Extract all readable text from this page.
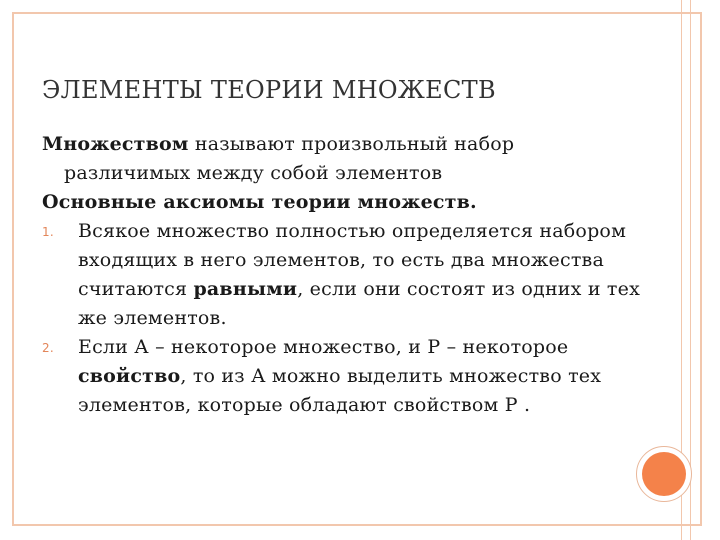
ЭЛЕМЕНТЫ ТЕОРИИ МНОЖЕСТВ

Множеством называют произвольный набор
различимых между собой элементов

Основные аксиомы теории множеств.

1. Всякое множество полностью определяется набором входящих в него элементов, то есть два множества считаются равными, если они состоят из одних и тех же элементов.

2. Если А – некоторое множество, и Р – некоторое свойство, то из А можно выделить множество тех элементов, которые обладают свойством Р .
